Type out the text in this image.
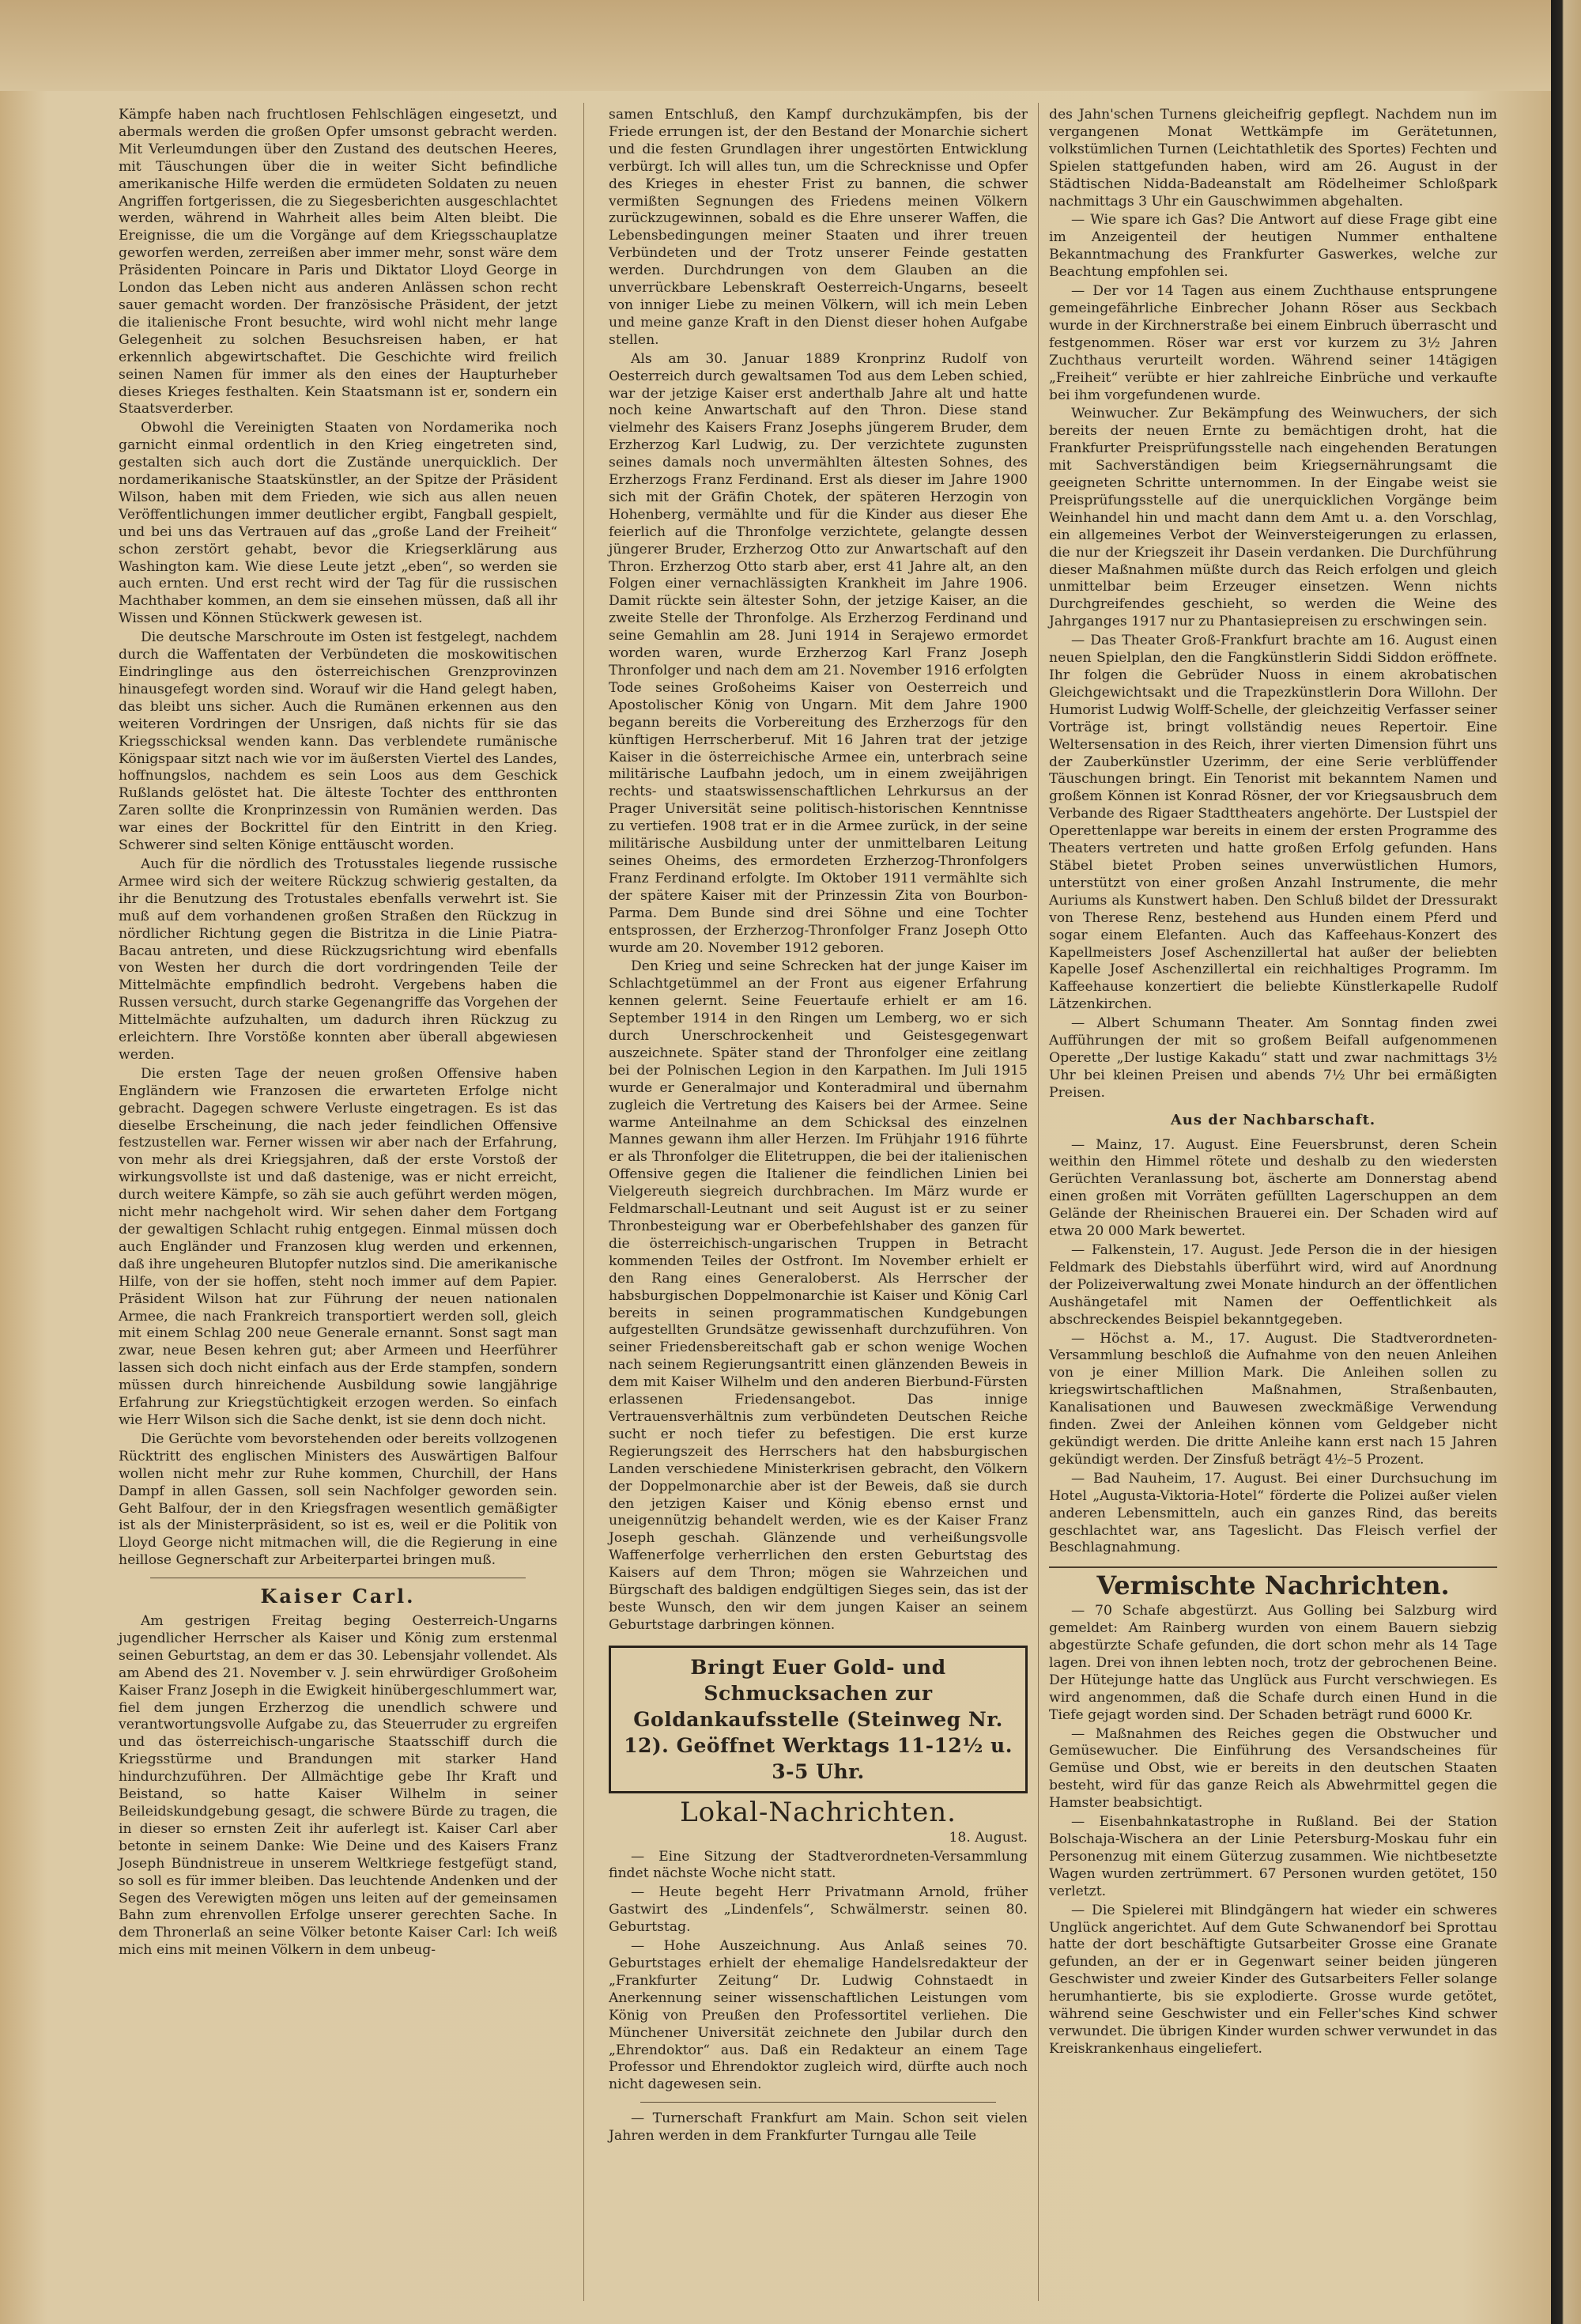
Kämpfe haben nach fruchtlosen Fehlschlägen eingesetzt, und abermals werden die großen Opfer umsonst gebracht werden. Mit Verleumdungen über den Zustand des deutschen Heeres, mit Täuschungen über die in weiter Sicht befindliche amerikanische Hilfe werden die ermüdeten Soldaten zu neuen Angriffen fortgerissen, die zu Siegesberichten ausgeschlachtet werden, während in Wahrheit alles beim Alten bleibt. Die Ereignisse, die um die Vorgänge auf dem Kriegsschauplatze geworfen werden, zerreißen aber immer mehr, sonst wäre dem Präsidenten Poincare in Paris und Diktator Lloyd George in London das Leben nicht aus anderen Anlässen schon recht sauer gemacht worden. Der französische Präsident, der jetzt die italienische Front besuchte, wird wohl nicht mehr lange Gelegenheit zu solchen Besuchsreisen haben, er hat erkennlich abgewirtschaftet. Die Geschichte wird freilich seinen Namen für immer als den eines der Haupturheber dieses Krieges festhalten. Kein Staatsmann ist er, sondern ein Staatsverderber.

Obwohl die Vereinigten Staaten von Nordamerika noch garnicht einmal ordentlich in den Krieg eingetreten sind, gestalten sich auch dort die Zustände unerquicklich. Der nordamerikanische Staatskünstler, an der Spitze der Präsident Wilson, haben mit dem Frieden, wie sich aus allen neuen Veröffentlichungen immer deutlicher ergibt, Fangball gespielt, und bei uns das Vertrauen auf das „große Land der Freiheit“ schon zerstört gehabt, bevor die Kriegserklärung aus Washington kam. Wie diese Leute jetzt „eben“, so werden sie auch ernten. Und erst recht wird der Tag für die russischen Machthaber kommen, an dem sie einsehen müssen, daß all ihr Wissen und Können Stückwerk gewesen ist.

Die deutsche Marschroute im Osten ist festgelegt, nachdem durch die Waffentaten der Verbündeten die moskowitischen Eindringlinge aus den österreichischen Grenzprovinzen hinausgefegt worden sind. Worauf wir die Hand gelegt haben, das bleibt uns sicher. Auch die Rumänen erkennen aus den weiteren Vordringen der Unsrigen, daß nichts für sie das Kriegsschicksal wenden kann. Das verblendete rumänische Königspaar sitzt nach wie vor im äußersten Viertel des Landes, hoffnungslos, nachdem es sein Loos aus dem Geschick Rußlands gelöstet hat. Die älteste Tochter des entthronten Zaren sollte die Kronprinzessin von Rumänien werden. Das war eines der Bockrittel für den Eintritt in den Krieg. Schwerer sind selten Könige enttäuscht worden.

Auch für die nördlich des Trotusstales liegende russische Armee wird sich der weitere Rückzug schwierig gestalten, da ihr die Benutzung des Trotustales ebenfalls verwehrt ist. Sie muß auf dem vorhandenen großen Straßen den Rückzug in nördlicher Richtung gegen die Bistritza in die Linie Piatra-Bacau antreten, und diese Rückzugsrichtung wird ebenfalls von Westen her durch die dort vordringenden Teile der Mittelmächte empfindlich bedroht. Vergebens haben die Russen versucht, durch starke Gegenangriffe das Vorgehen der Mittelmächte aufzuhalten, um dadurch ihren Rückzug zu erleichtern. Ihre Vorstöße konnten aber überall abgewiesen werden.

Die ersten Tage der neuen großen Offensive haben Engländern wie Franzosen die erwarteten Erfolge nicht gebracht. Dagegen schwere Verluste eingetragen. Es ist das dieselbe Erscheinung, die nach jeder feindlichen Offensive festzustellen war. Ferner wissen wir aber nach der Erfahrung, von mehr als drei Kriegsjahren, daß der erste Vorstoß der wirkungsvollste ist und daß dastenige, was er nicht erreicht, durch weitere Kämpfe, so zäh sie auch geführt werden mögen, nicht mehr nachgeholt wird. Wir sehen daher dem Fortgang der gewaltigen Schlacht ruhig entgegen. Einmal müssen doch auch Engländer und Franzosen klug werden und erkennen, daß ihre ungeheuren Blutopfer nutzlos sind. Die amerikanische Hilfe, von der sie hoffen, steht noch immer auf dem Papier. Präsident Wilson hat zur Führung der neuen nationalen Armee, die nach Frankreich transportiert werden soll, gleich mit einem Schlag 200 neue Generale ernannt. Sonst sagt man zwar, neue Besen kehren gut; aber Armeen und Heerführer lassen sich doch nicht einfach aus der Erde stampfen, sondern müssen durch hinreichende Ausbildung sowie langjährige Erfahrung zur Kriegstüchtigkeit erzogen werden. So einfach wie Herr Wilson sich die Sache denkt, ist sie denn doch nicht.

Die Gerüchte vom bevorstehenden oder bereits vollzogenen Rücktritt des englischen Ministers des Auswärtigen Balfour wollen nicht mehr zur Ruhe kommen, Churchill, der Hans Dampf in allen Gassen, soll sein Nachfolger geworden sein. Geht Balfour, der in den Kriegsfragen wesentlich gemäßigter ist als der Ministerpräsident, so ist es, weil er die Politik von Lloyd George nicht mitmachen will, die die Regierung in eine heillose Gegnerschaft zur Arbeiterpartei bringen muß.

Kaiser Carl.

Am gestrigen Freitag beging Oesterreich-Ungarns jugendlicher Herrscher als Kaiser und König zum erstenmal seinen Geburtstag, an dem er das 30. Lebensjahr vollendet. Als am Abend des 21. November v. J. sein ehrwürdiger Großoheim Kaiser Franz Joseph in die Ewigkeit hinübergeschlummert war, fiel dem jungen Erzherzog die unendlich schwere und verantwortungsvolle Aufgabe zu, das Steuerruder zu ergreifen und das österreichisch-ungarische Staatsschiff durch die Kriegsstürme und Brandungen mit starker Hand hindurchzuführen. Der Allmächtige gebe Ihr Kraft und Beistand, so hatte Kaiser Wilhelm in seiner Beileidskundgebung gesagt, die schwere Bürde zu tragen, die in dieser so ernsten Zeit ihr auferlegt ist. Kaiser Carl aber betonte in seinem Danke: Wie Deine und des Kaisers Franz Joseph Bündnistreue in unserem Weltkriege festgefügt stand, so soll es für immer bleiben. Das leuchtende Andenken und der Segen des Verewigten mögen uns leiten auf der gemeinsamen Bahn zum ehrenvollen Erfolge unserer gerechten Sache. In dem Thronerlaß an seine Völker betonte Kaiser Carl: Ich weiß mich eins mit meinen Völkern in dem unbeug-

samen Entschluß, den Kampf durchzukämpfen, bis der Friede errungen ist, der den Bestand der Monarchie sichert und die festen Grundlagen ihrer ungestörten Entwicklung verbürgt. Ich will alles tun, um die Schrecknisse und Opfer des Krieges in ehester Frist zu bannen, die schwer vermißten Segnungen des Friedens meinen Völkern zurückzugewinnen, sobald es die Ehre unserer Waffen, die Lebensbedingungen meiner Staaten und ihrer treuen Verbündeten und der Trotz unserer Feinde gestatten werden. Durchdrungen von dem Glauben an die unverrückbare Lebenskraft Oesterreich-Ungarns, beseelt von inniger Liebe zu meinen Völkern, will ich mein Leben und meine ganze Kraft in den Dienst dieser hohen Aufgabe stellen.

Als am 30. Januar 1889 Kronprinz Rudolf von Oesterreich durch gewaltsamen Tod aus dem Leben schied, war der jetzige Kaiser erst anderthalb Jahre alt und hatte noch keine Anwartschaft auf den Thron. Diese stand vielmehr des Kaisers Franz Josephs jüngerem Bruder, dem Erzherzog Karl Ludwig, zu. Der verzichtete zugunsten seines damals noch unvermählten ältesten Sohnes, des Erzherzogs Franz Ferdinand. Erst als dieser im Jahre 1900 sich mit der Gräfin Chotek, der späteren Herzogin von Hohenberg, vermählte und für die Kinder aus dieser Ehe feierlich auf die Thronfolge verzichtete, gelangte dessen jüngerer Bruder, Erzherzog Otto zur Anwartschaft auf den Thron. Erzherzog Otto starb aber, erst 41 Jahre alt, an den Folgen einer vernachlässigten Krankheit im Jahre 1906. Damit rückte sein ältester Sohn, der jetzige Kaiser, an die zweite Stelle der Thronfolge. Als Erzherzog Ferdinand und seine Gemahlin am 28. Juni 1914 in Serajewo ermordet worden waren, wurde Erzherzog Karl Franz Joseph Thronfolger und nach dem am 21. November 1916 erfolgten Tode seines Großoheims Kaiser von Oesterreich und Apostolischer König von Ungarn. Mit dem Jahre 1900 begann bereits die Vorbereitung des Erzherzogs für den künftigen Herrscherberuf. Mit 16 Jahren trat der jetzige Kaiser in die österreichische Armee ein, unterbrach seine militärische Laufbahn jedoch, um in einem zweijährigen rechts- und staatswissenschaftlichen Lehrkursus an der Prager Universität seine politisch-historischen Kenntnisse zu vertiefen. 1908 trat er in die Armee zurück, in der seine militärische Ausbildung unter der unmittelbaren Leitung seines Oheims, des ermordeten Erzherzog-Thronfolgers Franz Ferdinand erfolgte. Im Oktober 1911 vermählte sich der spätere Kaiser mit der Prinzessin Zita von Bourbon-Parma. Dem Bunde sind drei Söhne und eine Tochter entsprossen, der Erzherzog-Thronfolger Franz Joseph Otto wurde am 20. November 1912 geboren.

Den Krieg und seine Schrecken hat der junge Kaiser im Schlachtgetümmel an der Front aus eigener Erfahrung kennen gelernt. Seine Feuertaufe erhielt er am 16. September 1914 in den Ringen um Lemberg, wo er sich durch Unerschrockenheit und Geistesgegenwart auszeichnete. Später stand der Thronfolger eine zeitlang bei der Polnischen Legion in den Karpathen. Im Juli 1915 wurde er Generalmajor und Konteradmiral und übernahm zugleich die Vertretung des Kaisers bei der Armee. Seine warme Anteilnahme an dem Schicksal des einzelnen Mannes gewann ihm aller Herzen. Im Frühjahr 1916 führte er als Thronfolger die Elitetruppen, die bei der italienischen Offensive gegen die Italiener die feindlichen Linien bei Vielgereuth siegreich durchbrachen. Im März wurde er Feldmarschall-Leutnant und seit August ist er zu seiner Thronbesteigung war er Oberbefehlshaber des ganzen für die österreichisch-ungarischen Truppen in Betracht kommenden Teiles der Ostfront. Im November erhielt er den Rang eines Generaloberst. Als Herrscher der habsburgischen Doppelmonarchie ist Kaiser und König Carl bereits in seinen programmatischen Kundgebungen aufgestellten Grundsätze gewissenhaft durchzuführen. Von seiner Friedensbereitschaft gab er schon wenige Wochen nach seinem Regierungsantritt einen glänzenden Beweis in dem mit Kaiser Wilhelm und den anderen Bierbund-Fürsten erlassenen Friedensangebot. Das innige Vertrauensverhältnis zum verbündeten Deutschen Reiche sucht er noch tiefer zu befestigen. Die erst kurze Regierungszeit des Herrschers hat den habsburgischen Landen verschiedene Ministerkrisen gebracht, den Völkern der Doppelmonarchie aber ist der Beweis, daß sie durch den jetzigen Kaiser und König ebenso ernst und uneigennützig behandelt werden, wie es der Kaiser Franz Joseph geschah. Glänzende und verheißungsvolle Waffenerfolge verherrlichen den ersten Geburtstag des Kaisers auf dem Thron; mögen sie Wahrzeichen und Bürgschaft des baldigen endgültigen Sieges sein, das ist der beste Wunsch, den wir dem jungen Kaiser an seinem Geburtstage darbringen können.

Bringt Euer Gold- und Schmucksachen zur Goldankaufsstelle (Steinweg Nr. 12). Geöffnet Werktags 11-12½ u. 3-5 Uhr.
Lokal-Nachrichten.

18. August.

— Eine Sitzung der Stadtverordneten-Versammlung findet nächste Woche nicht statt.

— Heute begeht Herr Privatmann Arnold, früher Gastwirt des „Lindenfels“, Schwälmerstr. seinen 80. Geburtstag.

— Hohe Auszeichnung. Aus Anlaß seines 70. Geburtstages erhielt der ehemalige Handelsredakteur der „Frankfurter Zeitung“ Dr. Ludwig Cohnstaedt in Anerkennung seiner wissenschaftlichen Leistungen vom König von Preußen den Professortitel verliehen. Die Münchener Universität zeichnete den Jubilar durch den „Ehrendoktor“ aus. Daß ein Redakteur an einem Tage Professor und Ehrendoktor zugleich wird, dürfte auch noch nicht dagewesen sein.

— Turnerschaft Frankfurt am Main. Schon seit vielen Jahren werden in dem Frankfurter Turngau alle Teile

des Jahn'schen Turnens gleicheifrig gepflegt. Nachdem nun im vergangenen Monat Wettkämpfe im Gerätetunnen, volkstümlichen Turnen (Leichtathletik des Sportes) Fechten und Spielen stattgefunden haben, wird am 26. August in der Städtischen Nidda-Badeanstalt am Rödelheimer Schloßpark nachmittags 3 Uhr ein Gauschwimmen abgehalten.

— Wie spare ich Gas? Die Antwort auf diese Frage gibt eine im Anzeigenteil der heutigen Nummer enthaltene Bekanntmachung des Frankfurter Gaswerkes, welche zur Beachtung empfohlen sei.

— Der vor 14 Tagen aus einem Zuchthause entsprungene gemeingefährliche Einbrecher Johann Röser aus Seckbach wurde in der Kirchnerstraße bei einem Einbruch überrascht und festgenommen. Röser war erst vor kurzem zu 3½ Jahren Zuchthaus verurteilt worden. Während seiner 14tägigen „Freiheit“ verübte er hier zahlreiche Einbrüche und verkaufte bei ihm vorgefundenen wurde.

Weinwucher. Zur Bekämpfung des Weinwuchers, der sich bereits der neuen Ernte zu bemächtigen droht, hat die Frankfurter Preisprüfungsstelle nach eingehenden Beratungen mit Sachverständigen beim Kriegsernährungsamt die geeigneten Schritte unternommen. In der Eingabe weist sie Preisprüfungsstelle auf die unerquicklichen Vorgänge beim Weinhandel hin und macht dann dem Amt u. a. den Vorschlag, ein allgemeines Verbot der Weinversteigerungen zu erlassen, die nur der Kriegszeit ihr Dasein verdanken. Die Durchführung dieser Maßnahmen müßte durch das Reich erfolgen und gleich unmittelbar beim Erzeuger einsetzen. Wenn nichts Durchgreifendes geschieht, so werden die Weine des Jahrganges 1917 nur zu Phantasiepreisen zu erschwingen sein.

— Das Theater Groß-Frankfurt brachte am 16. August einen neuen Spielplan, den die Fangkünstlerin Siddi Siddon eröffnete. Ihr folgen die Gebrüder Nuoss in einem akrobatischen Gleichgewichtsakt und die Trapezkünstlerin Dora Willohn. Der Humorist Ludwig Wolff-Schelle, der gleichzeitig Verfasser seiner Vorträge ist, bringt vollständig neues Repertoir. Eine Weltersensation in des Reich, ihrer vierten Dimension führt uns der Zauberkünstler Uzerimm, der eine Serie verblüffender Täuschungen bringt. Ein Tenorist mit bekanntem Namen und großem Können ist Konrad Rösner, der vor Kriegsausbruch dem Verbande des Rigaer Stadttheaters angehörte. Der Lustspiel der Operettenlappe war bereits in einem der ersten Programme des Theaters vertreten und hatte großen Erfolg gefunden. Hans Stäbel bietet Proben seines unverwüstlichen Humors, unterstützt von einer großen Anzahl Instrumente, die mehr Auriums als Kunstwert haben. Den Schluß bildet der Dressurakt von Therese Renz, bestehend aus Hunden einem Pferd und sogar einem Elefanten. Auch das Kaffeehaus-Konzert des Kapellmeisters Josef Aschenzillertal hat außer der beliebten Kapelle Josef Aschenzillertal ein reichhaltiges Programm. Im Kaffeehause konzertiert die beliebte Künstlerkapelle Rudolf Lätzenkirchen.

— Albert Schumann Theater. Am Sonntag finden zwei Aufführungen der mit so großem Beifall aufgenommenen Operette „Der lustige Kakadu“ statt und zwar nachmittags 3½ Uhr bei kleinen Preisen und abends 7½ Uhr bei ermäßigten Preisen.

Aus der Nachbarschaft.

— Mainz, 17. August. Eine Feuersbrunst, deren Schein weithin den Himmel rötete und deshalb zu den wiedersten Gerüchten Veranlassung bot, äscherte am Donnerstag abend einen großen mit Vorräten gefüllten Lagerschuppen an dem Gelände der Rheinischen Brauerei ein. Der Schaden wird auf etwa 20 000 Mark bewertet.

— Falkenstein, 17. August. Jede Person die in der hiesigen Feldmark des Diebstahls überführt wird, wird auf Anordnung der Polizeiverwaltung zwei Monate hindurch an der öffentlichen Aushängetafel mit Namen der Oeffentlichkeit als abschreckendes Beispiel bekanntgegeben.

— Höchst a. M., 17. August. Die Stadtverordneten-Versammlung beschloß die Aufnahme von den neuen Anleihen von je einer Million Mark. Die Anleihen sollen zu kriegswirtschaftlichen Maßnahmen, Straßenbauten, Kanalisationen und Bauwesen zweckmäßige Verwendung finden. Zwei der Anleihen können vom Geldgeber nicht gekündigt werden. Die dritte Anleihe kann erst nach 15 Jahren gekündigt werden. Der Zinsfuß beträgt 4½–5 Prozent.

— Bad Nauheim, 17. August. Bei einer Durchsuchung im Hotel „Augusta-Viktoria-Hotel“ förderte die Polizei außer vielen anderen Lebensmitteln, auch ein ganzes Rind, das bereits geschlachtet war, ans Tageslicht. Das Fleisch verfiel der Beschlagnahmung.

Vermischte Nachrichten.

— 70 Schafe abgestürzt. Aus Golling bei Salzburg wird gemeldet: Am Rainberg wurden von einem Bauern siebzig abgestürzte Schafe gefunden, die dort schon mehr als 14 Tage lagen. Drei von ihnen lebten noch, trotz der gebrochenen Beine. Der Hütejunge hatte das Unglück aus Furcht verschwiegen. Es wird angenommen, daß die Schafe durch einen Hund in die Tiefe gejagt worden sind. Der Schaden beträgt rund 6000 Kr.

— Maßnahmen des Reiches gegen die Obstwucher und Gemüsewucher. Die Einführung des Versandscheines für Gemüse und Obst, wie er bereits in den deutschen Staaten besteht, wird für das ganze Reich als Abwehrmittel gegen die Hamster beabsichtigt.

— Eisenbahnkatastrophe in Rußland. Bei der Station Bolschaja-Wischera an der Linie Petersburg-Moskau fuhr ein Personenzug mit einem Güterzug zusammen. Wie nichtbesetzte Wagen wurden zertrümmert. 67 Personen wurden getötet, 150 verletzt.

— Die Spielerei mit Blindgängern hat wieder ein schweres Unglück angerichtet. Auf dem Gute Schwanendorf bei Sprottau hatte der dort beschäftigte Gutsarbeiter Grosse eine Granate gefunden, an der er in Gegenwart seiner beiden jüngeren Geschwister und zweier Kinder des Gutsarbeiters Feller solange herumhantierte, bis sie explodierte. Grosse wurde getötet, während seine Geschwister und ein Feller'sches Kind schwer verwundet. Die übrigen Kinder wurden schwer verwundet in das Kreiskrankenhaus eingeliefert.
